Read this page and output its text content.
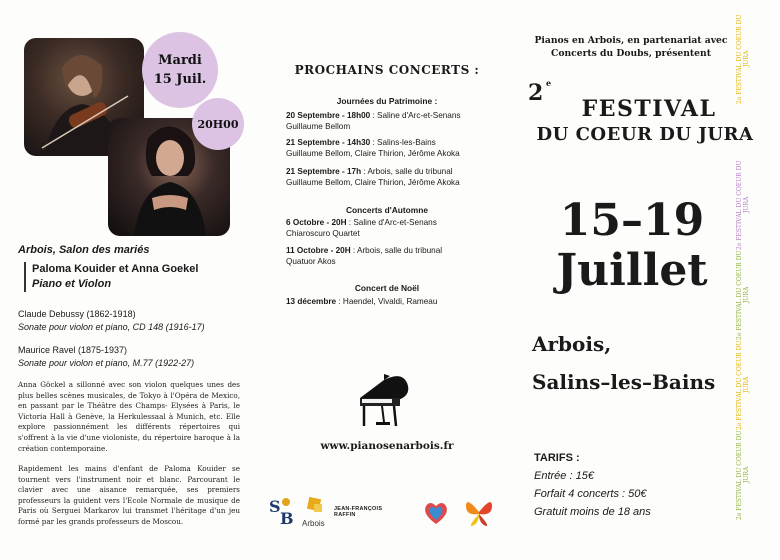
Mardi
15 Juil.
20H00
Arbois, Salon des mariés
Paloma Kouider et Anna Goekel
Piano et Violon
Claude Debussy (1862-1918)
Sonate pour violon et piano, CD 148 (1916-17)
Maurice Ravel (1875-1937)
Sonate pour violon et piano, M.77 (1922-27)
Anna Göckel a sillonné avec son violon quelques unes des plus belles scènes musicales, de Tokyo à l'Opéra de Mexico, en passant par le Théâtre des Champs- Elysées à Paris, le Victoria Hall à Genève, la Herkulessaal à Munich, etc. Elle explore passionnément les différents répertoires qui s'offrent à la vie d'une violoniste, du répertoire baroque à la création contemporaine.
Rapidement les mains d'enfant de Paloma Kouider se tournent vers l'instrument noir et blanc. Parcourant le clavier avec une aisance remarquée, ses premiers professeurs la guident vers l'Ecole Normale de musique de Paris où Serguei Markarov lui transmet l'héritage d'un jeu formé par les grands professeurs de Moscou.
PROCHAINS CONCERTS :
Journées du Patrimoine :
20 Septembre - 18h00 : Saline d'Arc-et-Senans
Guillaume Bellom
21 Septembre - 14h30 : Salins-les-Bains
Guillaume Bellom, Claire Thirion, Jérôme Akoka
21 Septembre - 17h : Arbois, salle du tribunal
Guillaume Bellom, Claire Thirion, Jérôme Akoka
Concerts d'Automne
6 Octobre - 20H : Saline d'Arc-et-Senans
Chiaroscuro Quartet
11 Octobre - 20H : Arbois, salle du tribunal
Quatuor Akos
Concert de Noël
13 décembre : Haendel, Vivaldi, Rameau
www.pianosenarbois.fr
S
B Arbois
JEAN-FRANÇOIS RAFFIN
Pianos en Arbois, en partenariat avec
Concerts du Doubs, présentent
2 e
FESTIVAL
DU COEUR DU JURA
15–19
Juillet
Arbois,
Salins–les–Bains
TARIFS :
Entrée : 15€
Forfait 4 concerts : 50€
Gratuit moins de 18 ans
2e FESTIVAL DU COEUR DU JURA
2e FESTIVAL DU COEUR DU JURA
2e FESTIVAL DU COEUR DU JURA
2e FESTIVAL DU COEUR DU JURA
2e FESTIVAL DU COEUR DU JURA
